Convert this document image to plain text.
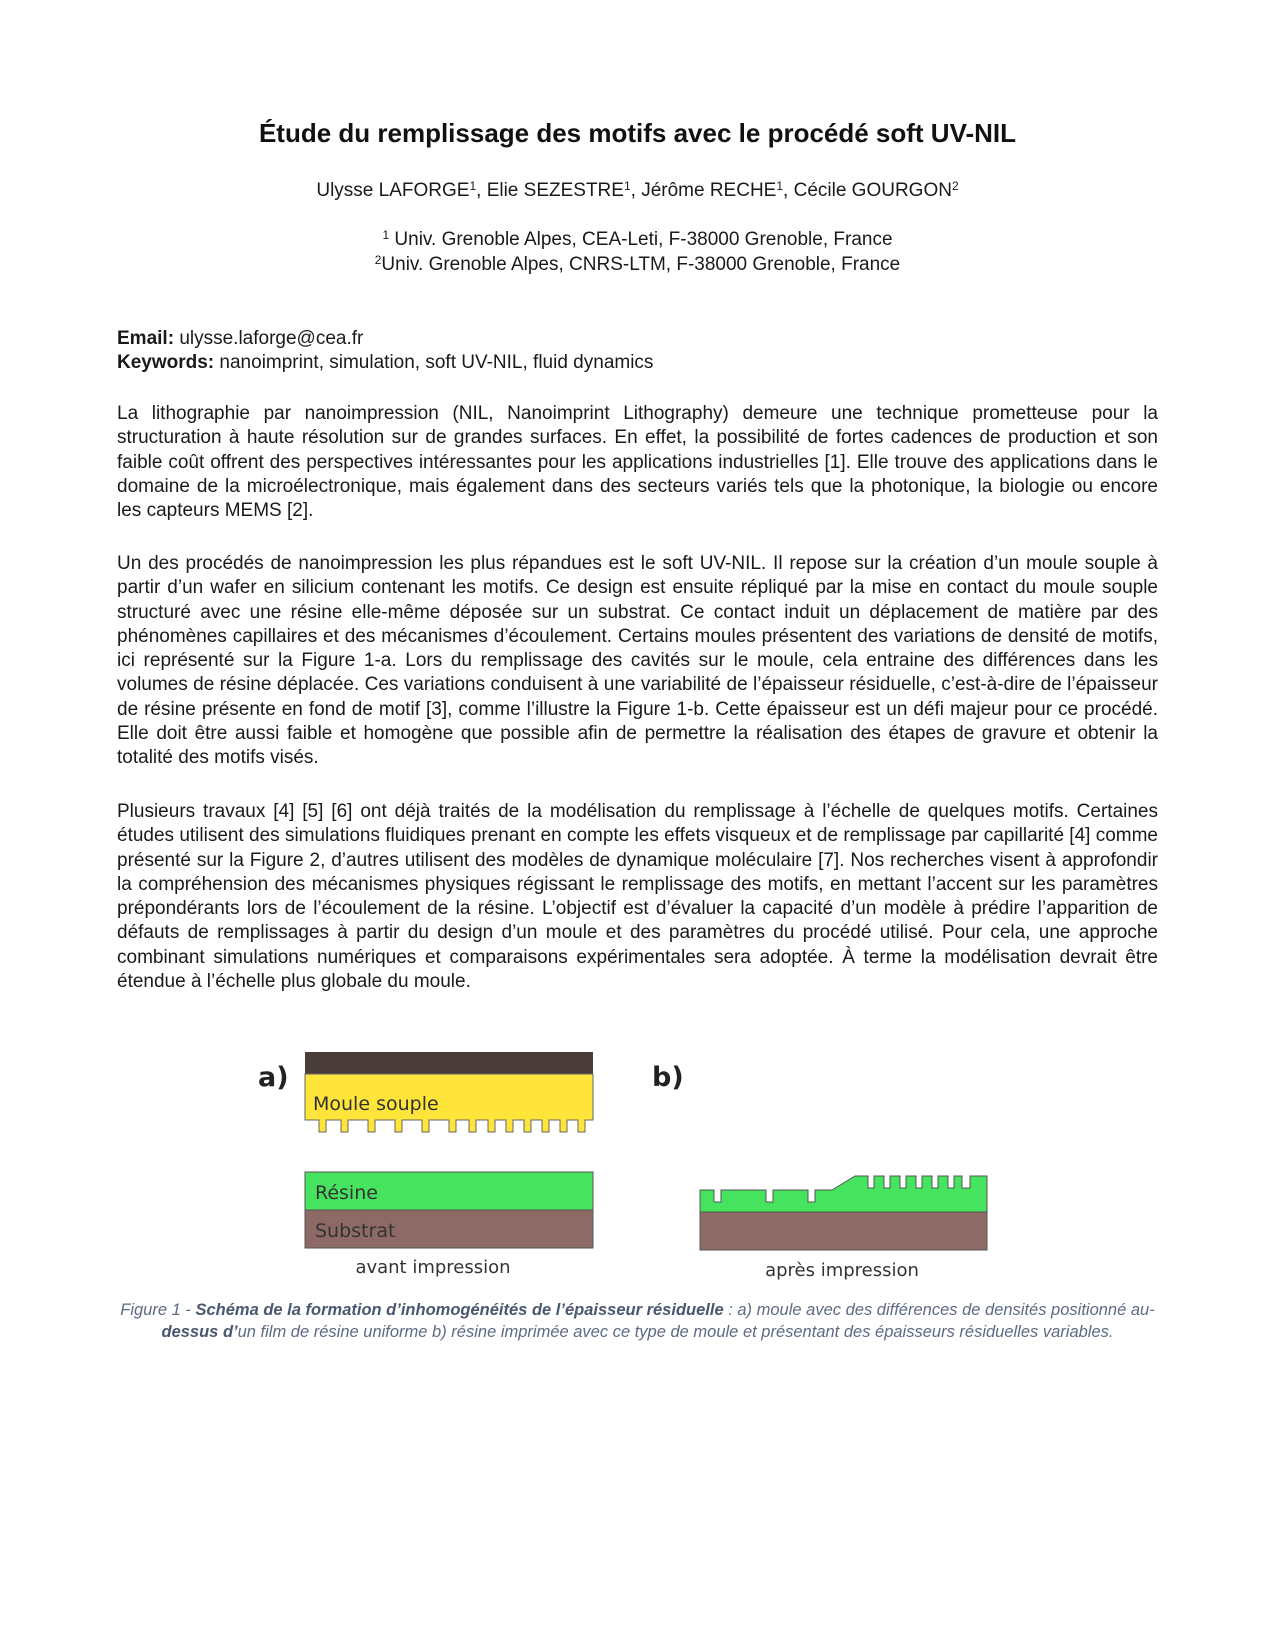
Étude du remplissage des motifs avec le procédé soft UV-NIL
Ulysse LAFORGE$^1$, Elie SEZESTRE$^1$, Jérôme RECHE$^1$, Cécile GOURGON$^2$
$^1$ Univ. Grenoble Alpes, CEA-Leti, F-38000 Grenoble, France
$^2$Univ. Grenoble Alpes, CNRS-LTM, F-38000 Grenoble, France
Email: ulysse.laforge@cea.fr
Keywords: nanoimprint, simulation, soft UV-NIL, fluid dynamics

La lithographie par nanoimpression (NIL, Nanoimprint Lithography) demeure une technique prometteuse pour la structuration à haute résolution sur de grandes surfaces. En effet, la possibilité de fortes cadences de production et son faible coût offrent des perspectives intéressantes pour les applications industrielles [1]. Elle trouve des applications dans le domaine de la microélectronique, mais également dans des secteurs variés tels que la photonique, la biologie ou encore les capteurs MEMS [2].

Un des procédés de nanoimpression les plus répandues est le soft UV-NIL. Il repose sur la création d’un moule souple à partir d’un wafer en silicium contenant les motifs. Ce design est ensuite répliqué par la mise en contact du moule souple structuré avec une résine elle-même déposée sur un substrat. Ce contact induit un déplacement de matière par des phénomènes capillaires et des mécanismes d’écoulement. Certains moules présentent des variations de densité de motifs, ici représenté sur la Figure 1-a. Lors du remplissage des cavités sur le moule, cela entraine des différences dans les volumes de résine déplacée. Ces variations conduisent à une variabilité de l’épaisseur résiduelle, c’est-à-dire de l’épaisseur de résine présente en fond de motif [3], comme l’illustre la Figure 1-b. Cette épaisseur est un défi majeur pour ce procédé. Elle doit être aussi faible et homogène que possible afin de permettre la réalisation des étapes de gravure et obtenir la totalité des motifs visés.

Plusieurs travaux [4] [5] [6] ont déjà traités de la modélisation du remplissage à l’échelle de quelques motifs. Certaines études utilisent des simulations fluidiques prenant en compte les effets visqueux et de remplissage par capillarité [4] comme présenté sur la Figure 2, d’autres utilisent des modèles de dynamique moléculaire [7]. Nos recherches visent à approfondir la compréhension des mécanismes physiques régissant le remplissage des motifs, en mettant l’accent sur les paramètres prépondérants lors de l’écoulement de la résine. L’objectif est d’évaluer la capacité d’un modèle à prédire l’apparition de défauts de remplissages à partir du design d’un moule et des paramètres du procédé utilisé. Pour cela, une approche combinant simulations numériques et comparaisons expérimentales sera adoptée. À terme la modélisation devrait être étendue à l’échelle plus globale du moule.

a)
Moule souple
Résine
Substrat
avant impression
b)
après impression

Figure 1 - Schéma de la formation d’inhomogénéités de l’épaisseur résiduelle : a) moule avec des différences de densités positionné au-dessus d’un film de résine uniforme b) résine imprimée avec ce type de moule et présentant des épaisseurs résiduelles variables.
